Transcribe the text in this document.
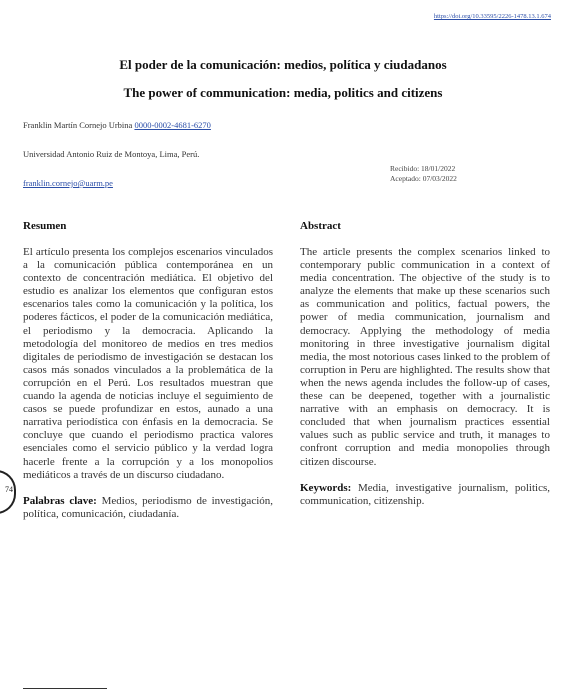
https://doi.org/10.33595/2226-1478.13.1.674
El poder de la comunicación: medios, política y ciudadanos
The power of communication: media, politics and citizens
Franklin Martín Cornejo Urbina 0000-0002-4681-6270
Universidad Antonio Ruiz de Montoya, Lima, Perú.
franklin.cornejo@uarm.pe
Recibido: 18/01/2022
Aceptado: 07/03/2022
Resumen

El artículo presenta los complejos escenarios vinculados a la comunicación pública contemporánea en un contexto de concentración mediática. El objetivo del estudio es analizar los elementos que configuran estos escenarios tales como la comunicación y la política, los poderes fácticos, el poder de la comunicación mediática, el periodismo y la democracia. Aplicando la metodología del monitoreo de medios en tres medios digitales de periodismo de investigación se destacan los casos más sonados vinculados a la problemática de la corrupción en el Perú. Los resultados muestran que cuando la agenda de noticias incluye el seguimiento de casos se puede profundizar en estos, aunado a una narrativa periodística con énfasis en la democracia. Se concluye que cuando el periodismo practica valores esenciales como el servicio público y la verdad logra hacerle frente a la corrupción y a los monopolios mediáticos a través de un discurso ciudadano.

Palabras clave: Medios, periodismo de investigación, política, comunicación, ciudadanía.

Abstract

The article presents the complex scenarios linked to contemporary public communication in a context of media concentration. The objective of the study is to analyze the elements that make up these scenarios such as communication and politics, factual powers, the power of media communication, journalism and democracy. Applying the methodology of media monitoring in three investigative journalism digital media, the most notorious cases linked to the problem of corruption in Peru are highlighted. The results show that when the news agenda includes the follow-up of cases, these can be deepened, together with a journalistic narrative with an emphasis on democracy. It is concluded that when journalism practices essential values such as public service and truth, it manages to confront corruption and media monopolies through citizen discourse.

Keywords: Media, investigative journalism, politics, communication, citizenship.

74
